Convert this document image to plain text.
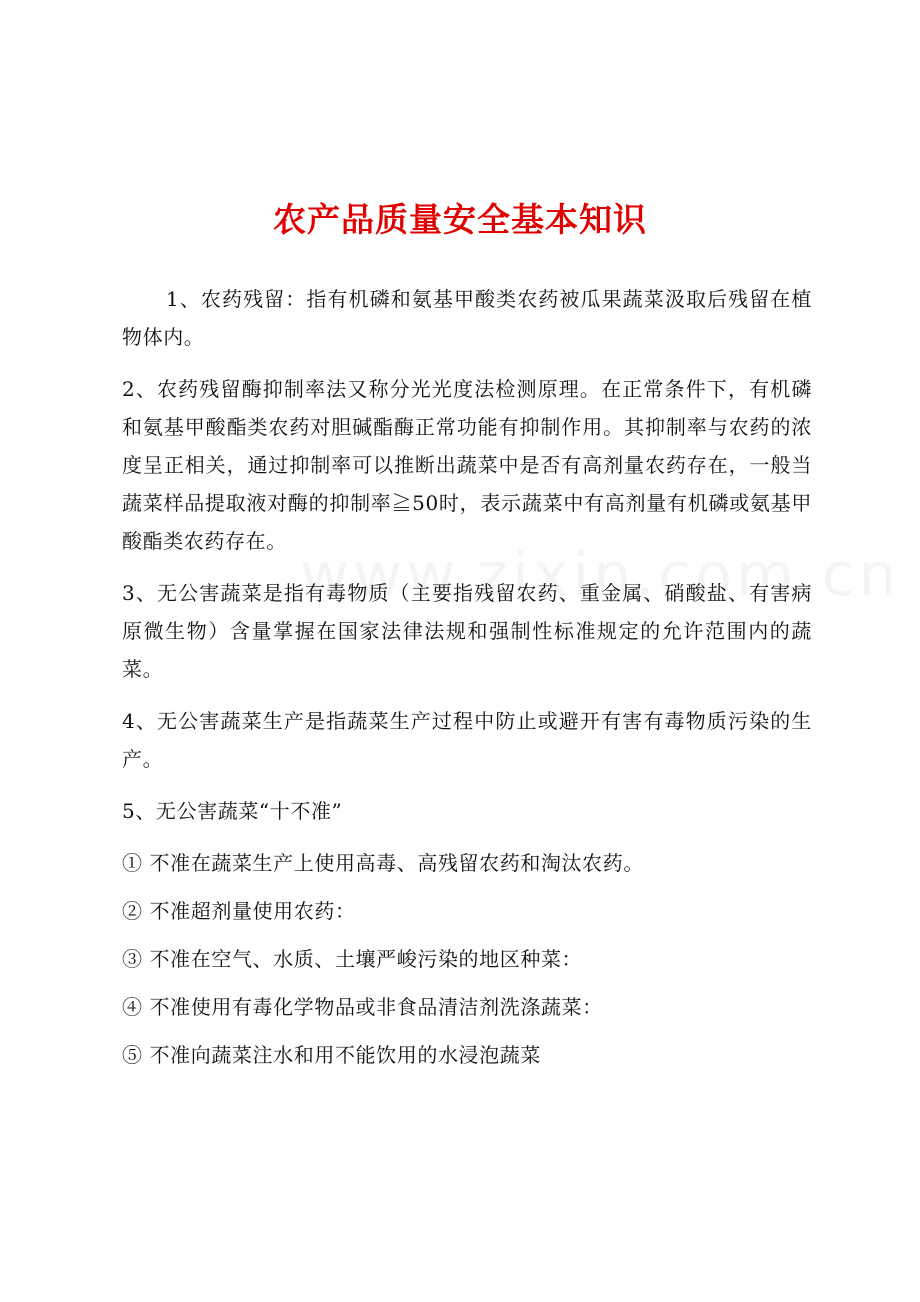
农产品质量安全基本知识

1、农药残留：指有机磷和氨基甲酸类农药被瓜果蔬菜汲取后残留在植物体内。

2、农药残留酶抑制率法又称分光光度法检测原理。在正常条件下，有机磷和氨基甲酸酯类农药对胆碱酯酶正常功能有抑制作用。其抑制率与农药的浓度呈正相关，通过抑制率可以推断出蔬菜中是否有高剂量农药存在，一般当蔬菜样品提取液对酶的抑制率≧50时，表示蔬菜中有高剂量有机磷或氨基甲酸酯类农药存在。

3、无公害蔬菜是指有毒物质（主要指残留农药、重金属、硝酸盐、有害病原微生物）含量掌握在国家法律法规和强制性标准规定的允许范围内的蔬菜。

4、无公害蔬菜生产是指蔬菜生产过程中防止或避开有害有毒物质污染的生产。

5、无公害蔬菜“十不准”

① 不准在蔬菜生产上使用高毒、高残留农药和淘汰农药。

② 不准超剂量使用农药：

③ 不准在空气、水质、土壤严峻污染的地区种菜：

④ 不准使用有毒化学物品或非食品清洁剂洗涤蔬菜：

⑤ 不准向蔬菜注水和用不能饮用的水浸泡蔬菜
